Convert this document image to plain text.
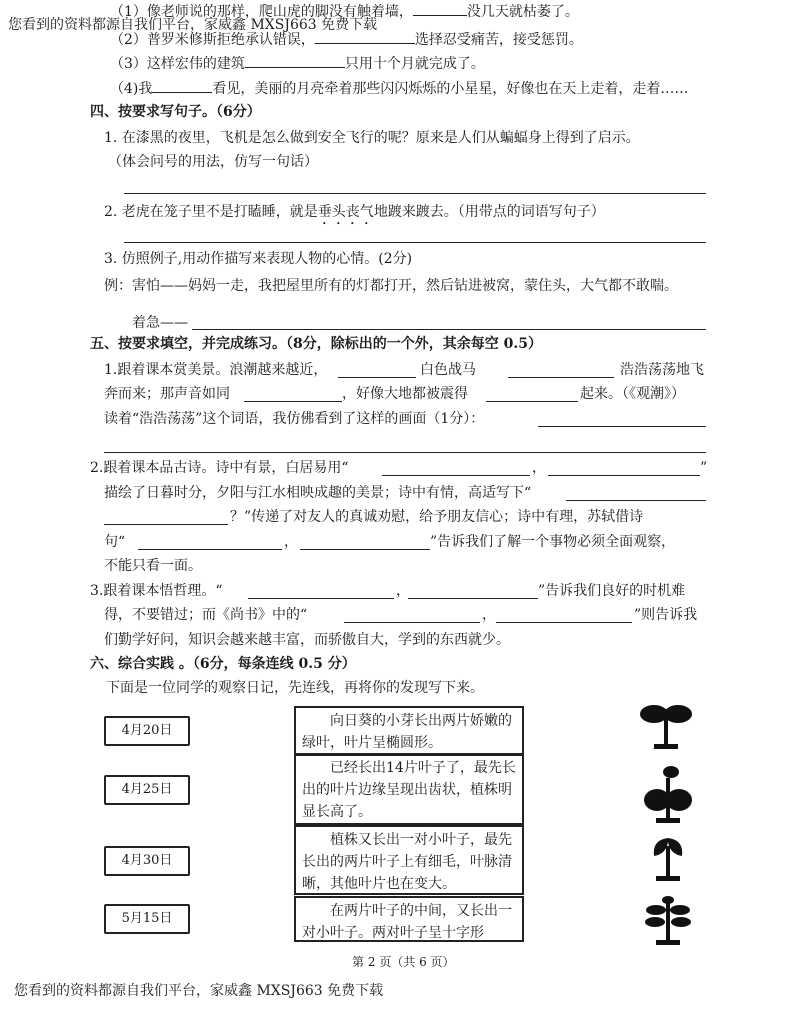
您看到的资料都源自我们平台，家威鑫 MXSJ663 免费下载
（1）像老师说的那样，爬山虎的脚没有触着墙，	没几天就枯萎了。
（2）普罗米修斯拒绝承认错误，	选择忍受痛苦，接受惩罚。
（3）这样宏伟的建筑	只用十个月就完成了。
（4)我	看见，美丽的月亮牵着那些闪闪烁烁的小星星，好像也在天上走着，走着……
四、按要求写句子。（6分）
1. 在漆黑的夜里，飞机是怎么做到安全飞行的呢？原来是人们从蝙蝠身上得到了启示。
（体会问号的用法，仿写一句话）
2. 老虎在笼子里不是打瞌睡，就是垂头丧气地踱来踱去。（用带点的词语写句子）
3. 仿照例子,用动作描写来表现人物的心情。(2分)
例：害怕——妈妈一走，我把屋里所有的灯都打开，然后钻进被窝，蒙住头，大气都不敢喘。
着急——
五、按要求填空，并完成练习。（8分，除标出的一个外，其余每空 0.5）
1.跟着课本赏美景。浪潮越来越近，	白色战马	浩浩荡荡地飞
奔而来；那声音如同	，好像大地都被震得	起来。（《观潮》）
读着“浩浩荡荡”这个词语，我仿佛看到了这样的画面（1分）：
2.跟着课本品古诗。诗中有景，白居易用“	，	”
描绘了日暮时分，夕阳与江水相映成趣的美景；诗中有情，高适写下“
？”传递了对友人的真诚劝慰，给予朋友信心；诗中有理，苏轼借诗
句“	，	”告诉我们了解一个事物必须全面观察，
不能只看一面。
3.跟着课本悟哲理。“	，	”告诉我们良好的时机难
得，不要错过；而《尚书》中的“	，	”则告诉我
们勤学好问，知识会越来越丰富，而骄傲自大，学到的东西就少。
六、综合实践 。（6分，每条连线 0.5 分）
下面是一位同学的观察日记，先连线，再将你的发现写下来。
4月20日
4月25日
4月30日
5月15日
向日葵的小芽长出两片娇嫩的绿叶，叶片呈椭圆形。
已经长出14片叶子了，最先长出的叶片边缘呈现出齿状，植株明显长高了。
植株又长出一对小叶子，最先长出的两片叶子上有细毛，叶脉清晰，其他叶片也在变大。
在两片叶子的中间，又长出一对小叶子。两对叶子呈十字形
第 2 页（共 6 页）
您看到的资料都源自我们平台，家威鑫 MXSJ663 免费下载
